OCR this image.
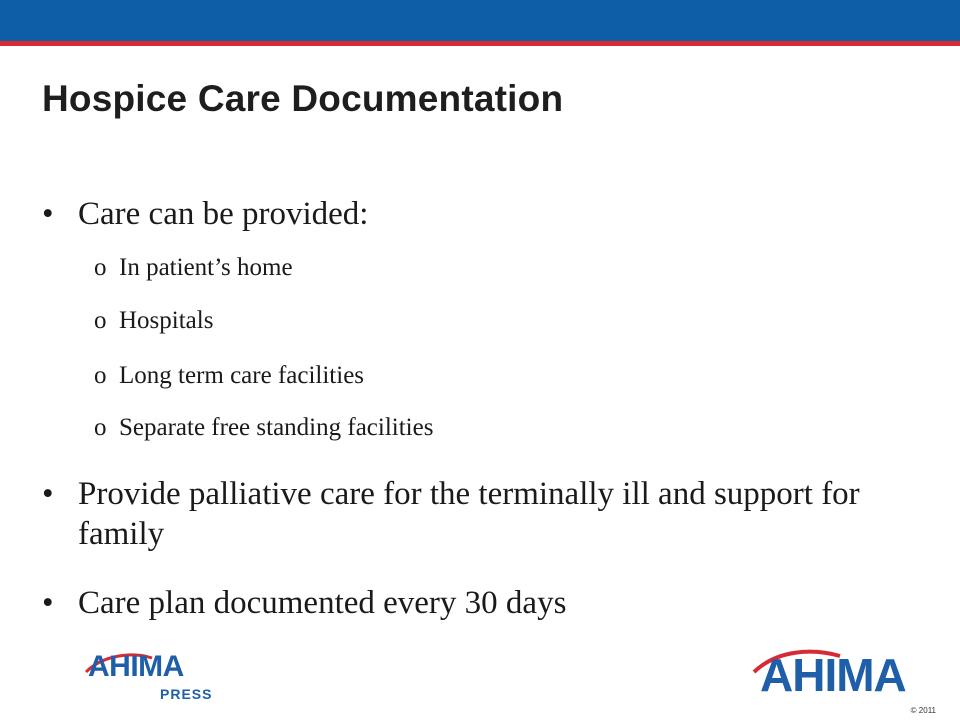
Hospice Care Documentation
• Care can be provided:
o In patient’s home
o Hospitals
o Long term care facilities
o Separate free standing facilities
• Provide palliative care for the terminally ill and support for family
• Care plan documented every 30 days
AHIMA
PRESS	AHIMA
© 2011
